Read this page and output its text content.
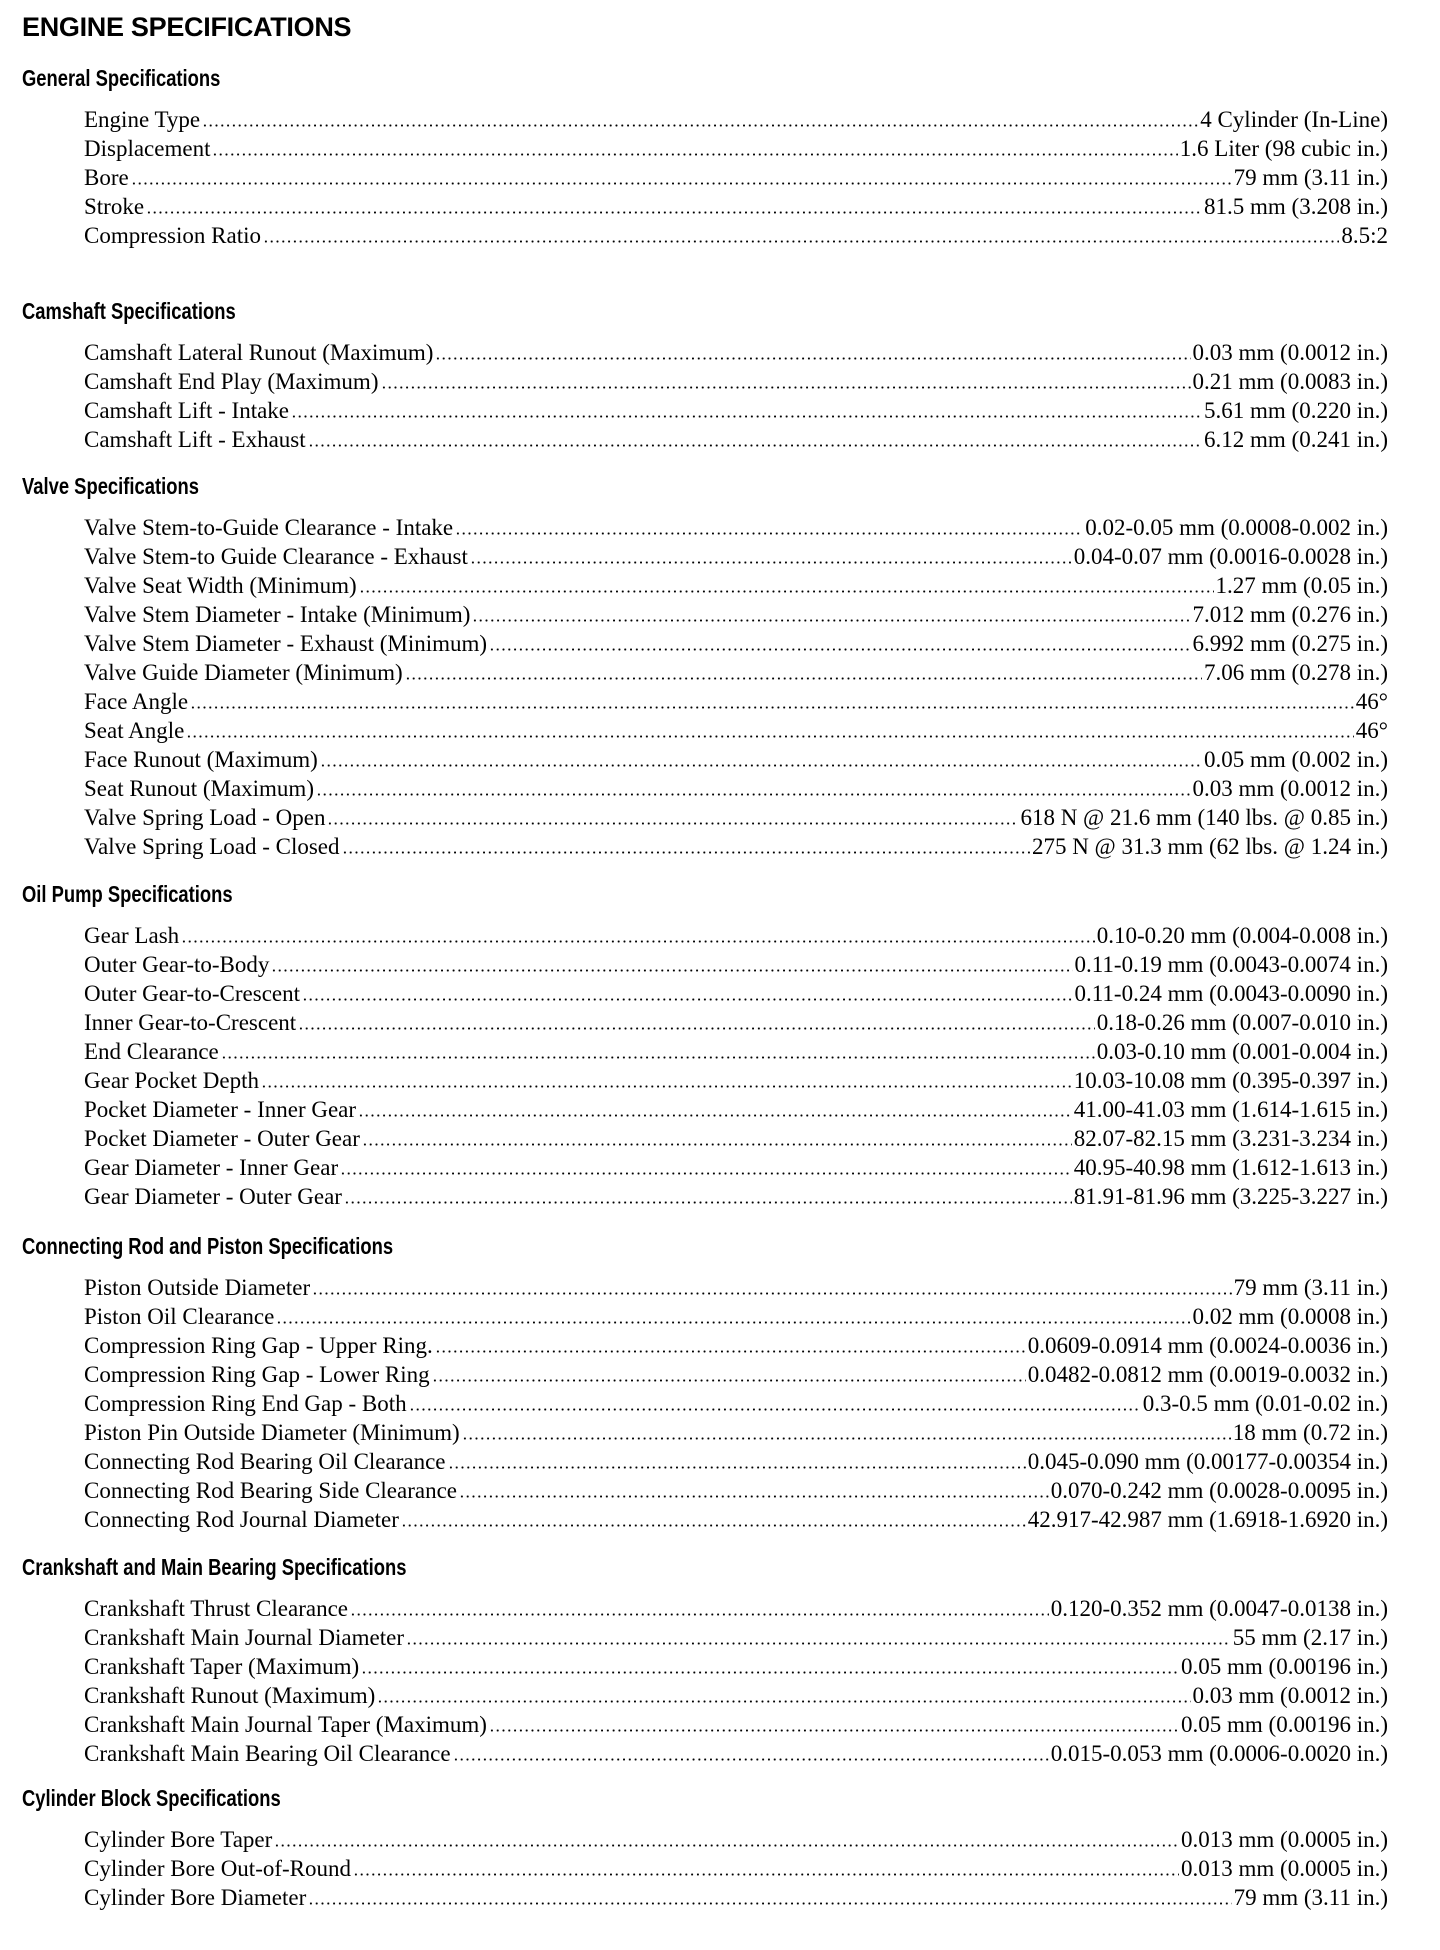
ENGINE SPECIFICATIONS
General Specifications
Engine Type	4 Cylinder (In-Line)
Displacement	1.6 Liter (98 cubic in.)
Bore	79 mm (3.11 in.)
Stroke	81.5 mm (3.208 in.)
Compression Ratio	8.5:2
Camshaft Specifications
Camshaft Lateral Runout (Maximum)	0.03 mm (0.0012 in.)
Camshaft End Play (Maximum)	0.21 mm (0.0083 in.)
Camshaft Lift - Intake	5.61 mm (0.220 in.)
Camshaft Lift - Exhaust	6.12 mm (0.241 in.)
Valve Specifications
Valve Stem-to-Guide Clearance - Intake	0.02-0.05 mm (0.0008-0.002 in.)
Valve Stem-to Guide Clearance - Exhaust	0.04-0.07 mm (0.0016-0.0028 in.)
Valve Seat Width (Minimum)	1.27 mm (0.05 in.)
Valve Stem Diameter - Intake (Minimum)	7.012 mm (0.276 in.)
Valve Stem Diameter - Exhaust (Minimum)	6.992 mm (0.275 in.)
Valve Guide Diameter (Minimum)	7.06 mm (0.278 in.)
Face Angle	46°
Seat Angle	46°
Face Runout (Maximum)	0.05 mm (0.002 in.)
Seat Runout (Maximum)	0.03 mm (0.0012 in.)
Valve Spring Load - Open	618 N @ 21.6 mm (140 lbs. @ 0.85 in.)
Valve Spring Load - Closed	275 N @ 31.3 mm (62 lbs. @ 1.24 in.)
Oil Pump Specifications
Gear Lash	0.10-0.20 mm (0.004-0.008 in.)
Outer Gear-to-Body	0.11-0.19 mm (0.0043-0.0074 in.)
Outer Gear-to-Crescent	0.11-0.24 mm (0.0043-0.0090 in.)
Inner Gear-to-Crescent	0.18-0.26 mm (0.007-0.010 in.)
End Clearance	0.03-0.10 mm (0.001-0.004 in.)
Gear Pocket Depth	10.03-10.08 mm (0.395-0.397 in.)
Pocket Diameter - Inner Gear	41.00-41.03 mm (1.614-1.615 in.)
Pocket Diameter - Outer Gear	82.07-82.15 mm (3.231-3.234 in.)
Gear Diameter - Inner Gear	40.95-40.98 mm (1.612-1.613 in.)
Gear Diameter - Outer Gear	81.91-81.96 mm (3.225-3.227 in.)
Connecting Rod and Piston Specifications
Piston Outside Diameter	79 mm (3.11 in.)
Piston Oil Clearance	0.02 mm (0.0008 in.)
Compression Ring Gap - Upper Ring.	0.0609-0.0914 mm (0.0024-0.0036 in.)
Compression Ring Gap - Lower Ring	0.0482-0.0812 mm (0.0019-0.0032 in.)
Compression Ring End Gap - Both	0.3-0.5 mm (0.01-0.02 in.)
Piston Pin Outside Diameter (Minimum)	18 mm (0.72 in.)
Connecting Rod Bearing Oil Clearance	0.045-0.090 mm (0.00177-0.00354 in.)
Connecting Rod Bearing Side Clearance	0.070-0.242 mm (0.0028-0.0095 in.)
Connecting Rod Journal Diameter	42.917-42.987 mm (1.6918-1.6920 in.)
Crankshaft and Main Bearing Specifications
Crankshaft Thrust Clearance	0.120-0.352 mm (0.0047-0.0138 in.)
Crankshaft Main Journal Diameter	55 mm (2.17 in.)
Crankshaft Taper (Maximum)	0.05 mm (0.00196 in.)
Crankshaft Runout (Maximum)	0.03 mm (0.0012 in.)
Crankshaft Main Journal Taper (Maximum)	0.05 mm (0.00196 in.)
Crankshaft Main Bearing Oil Clearance	0.015-0.053 mm (0.0006-0.0020 in.)
Cylinder Block Specifications
Cylinder Bore Taper	0.013 mm (0.0005 in.)
Cylinder Bore Out-of-Round	0.013 mm (0.0005 in.)
Cylinder Bore Diameter	79 mm (3.11 in.)
